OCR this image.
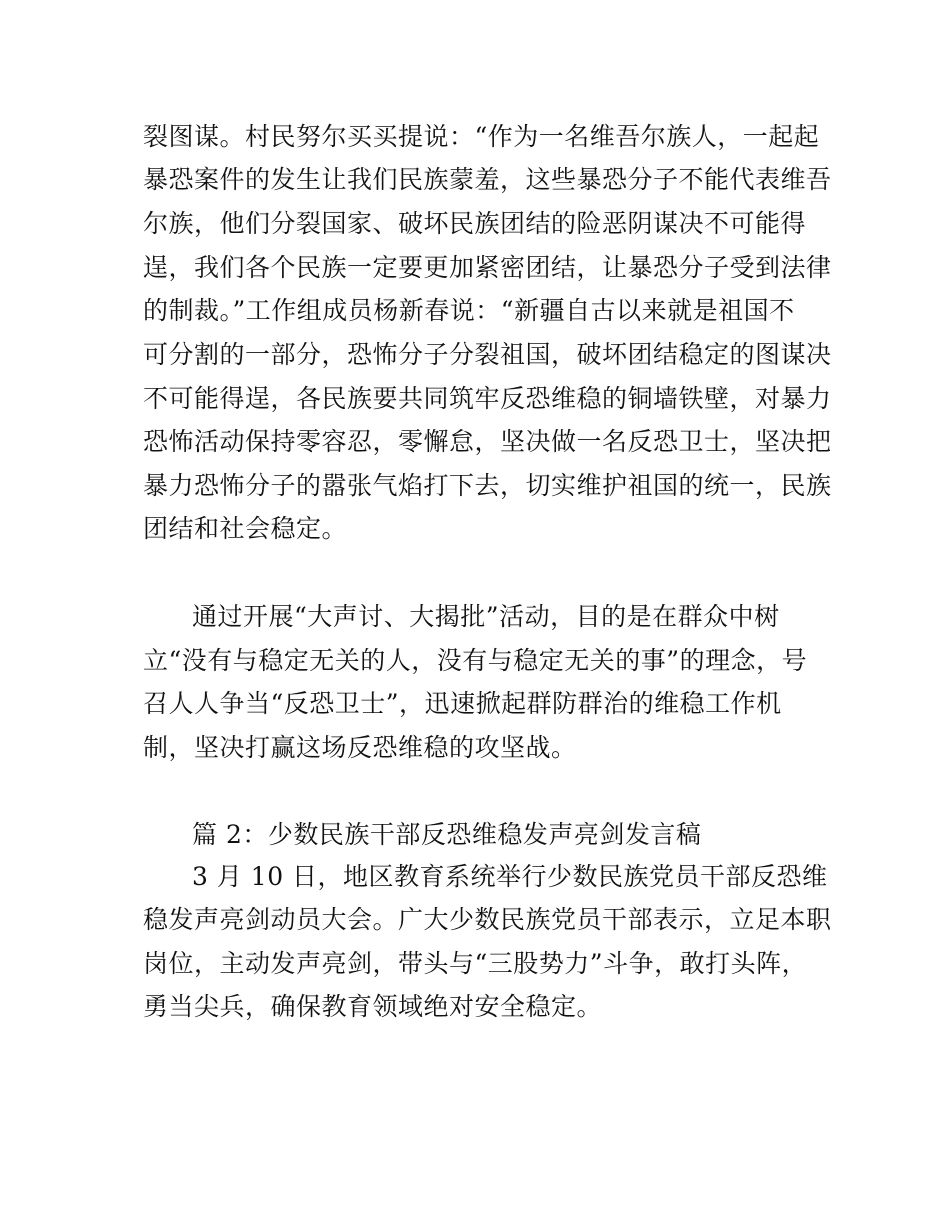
裂图谋。村民努尔买买提说：“作为一名维吾尔族人，一起起
暴恐案件的发生让我们民族蒙羞，这些暴恐分子不能代表维吾
尔族，他们分裂国家、破坏民族团结的险恶阴谋决不可能得
逞，我们各个民族一定要更加紧密团结，让暴恐分子受到法律
的制裁。”工作组成员杨新春说：“新疆自古以来就是祖国不
可分割的一部分，恐怖分子分裂祖国，破坏团结稳定的图谋决
不可能得逞，各民族要共同筑牢反恐维稳的铜墙铁壁，对暴力
恐怖活动保持零容忍，零懈怠，坚决做一名反恐卫士，坚决把
暴力恐怖分子的嚣张气焰打下去，切实维护祖国的统一，民族
团结和社会稳定。
通过开展“大声讨、大揭批”活动，目的是在群众中树
立“没有与稳定无关的人，没有与稳定无关的事”的理念，号
召人人争当“反恐卫士”，迅速掀起群防群治的维稳工作机
制，坚决打赢这场反恐维稳的攻坚战。
篇 2：少数民族干部反恐维稳发声亮剑发言稿
3 月 10 日，地区教育系统举行少数民族党员干部反恐维
稳发声亮剑动员大会。广大少数民族党员干部表示，立足本职
岗位，主动发声亮剑，带头与“三股势力”斗争，敢打头阵，
勇当尖兵，确保教育领域绝对安全稳定。
